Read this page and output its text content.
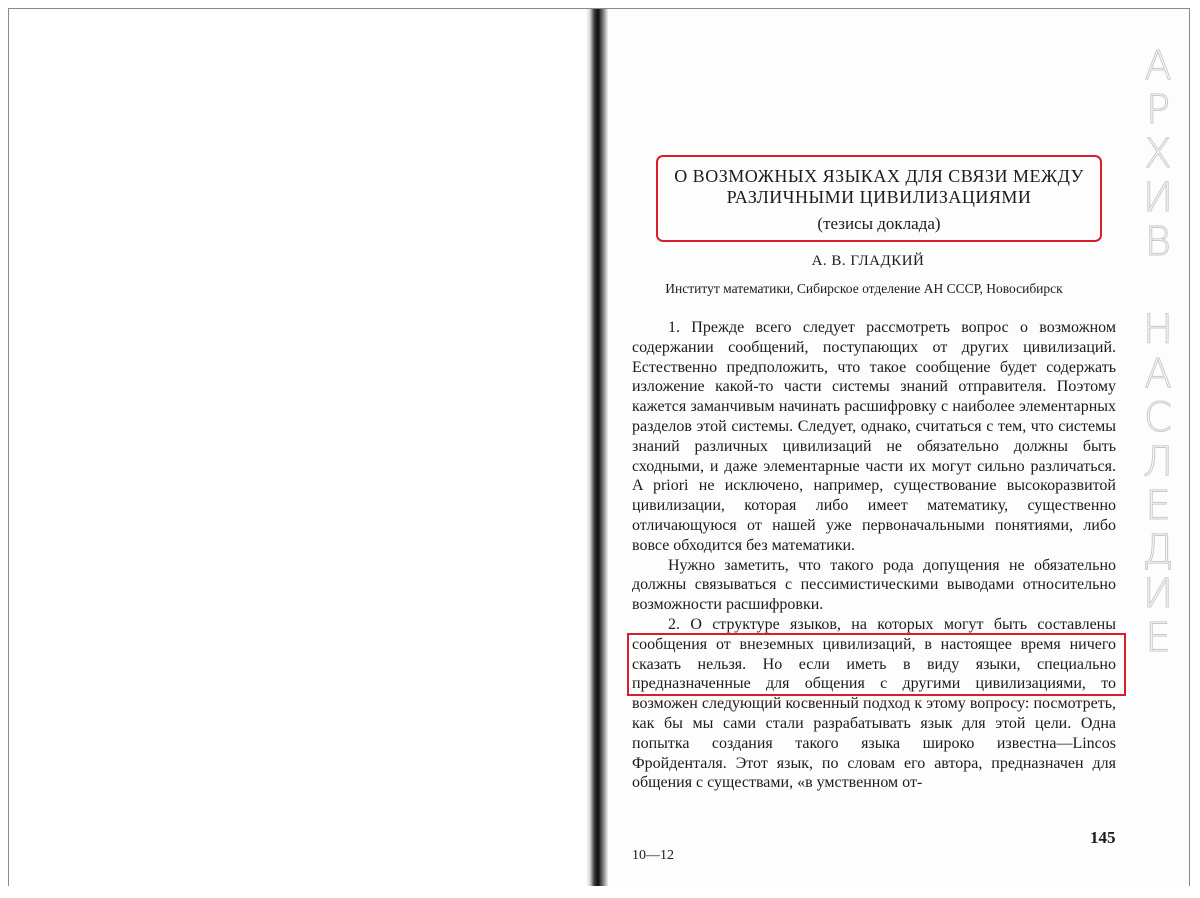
О ВОЗМОЖНЫХ ЯЗЫКАХ ДЛЯ СВЯЗИ МЕЖДУ
РАЗЛИЧНЫМИ ЦИВИЛИЗАЦИЯМИ
(тезисы доклада)
А. В. ГЛАДКИЙ
Институт математики, Сибирское отделение АН СССР, Новосибирск

1. Прежде всего следует рассмотреть вопрос о возможном содержании сообщений, поступающих от других цивилизаций. Естественно предположить, что такое сообщение будет содержать изложение какой-то части системы знаний отправителя. Поэтому кажется заманчивым начинать расшифровку с наиболее элементарных разделов этой системы. Следует, однако, считаться с тем, что системы знаний различных цивилизаций не обязательно должны быть сходными, и даже элементарные части их могут сильно различаться. A priori не исключено, например, существование высокоразвитой цивилизации, которая либо имеет математику, существенно отличающуюся от нашей уже первоначальными понятиями, либо вовсе обходится без математики.

Нужно заметить, что такого рода допущения не обязательно должны связываться с пессимистическими выводами относительно возможности расшифровки.

2. О структуре языков, на которых могут быть составлены сообщения от внеземных цивилизаций, в настоящее время ничего сказать нельзя. Но если иметь в виду языки, специально предназначенные для общения с другими цивилизациями, то возможен следующий косвенный подход к этому вопросу: посмотреть, как бы мы сами стали разрабатывать язык для этой цели. Одна попытка создания такого языка широко известна—Lincos Фройденталя. Этот язык, по словам его автора, предназначен для общения с существами, «в умственном от-

145
10—12
А
Р
Х
И
В
Н
А
С
Л
Е
Д
И
Е
